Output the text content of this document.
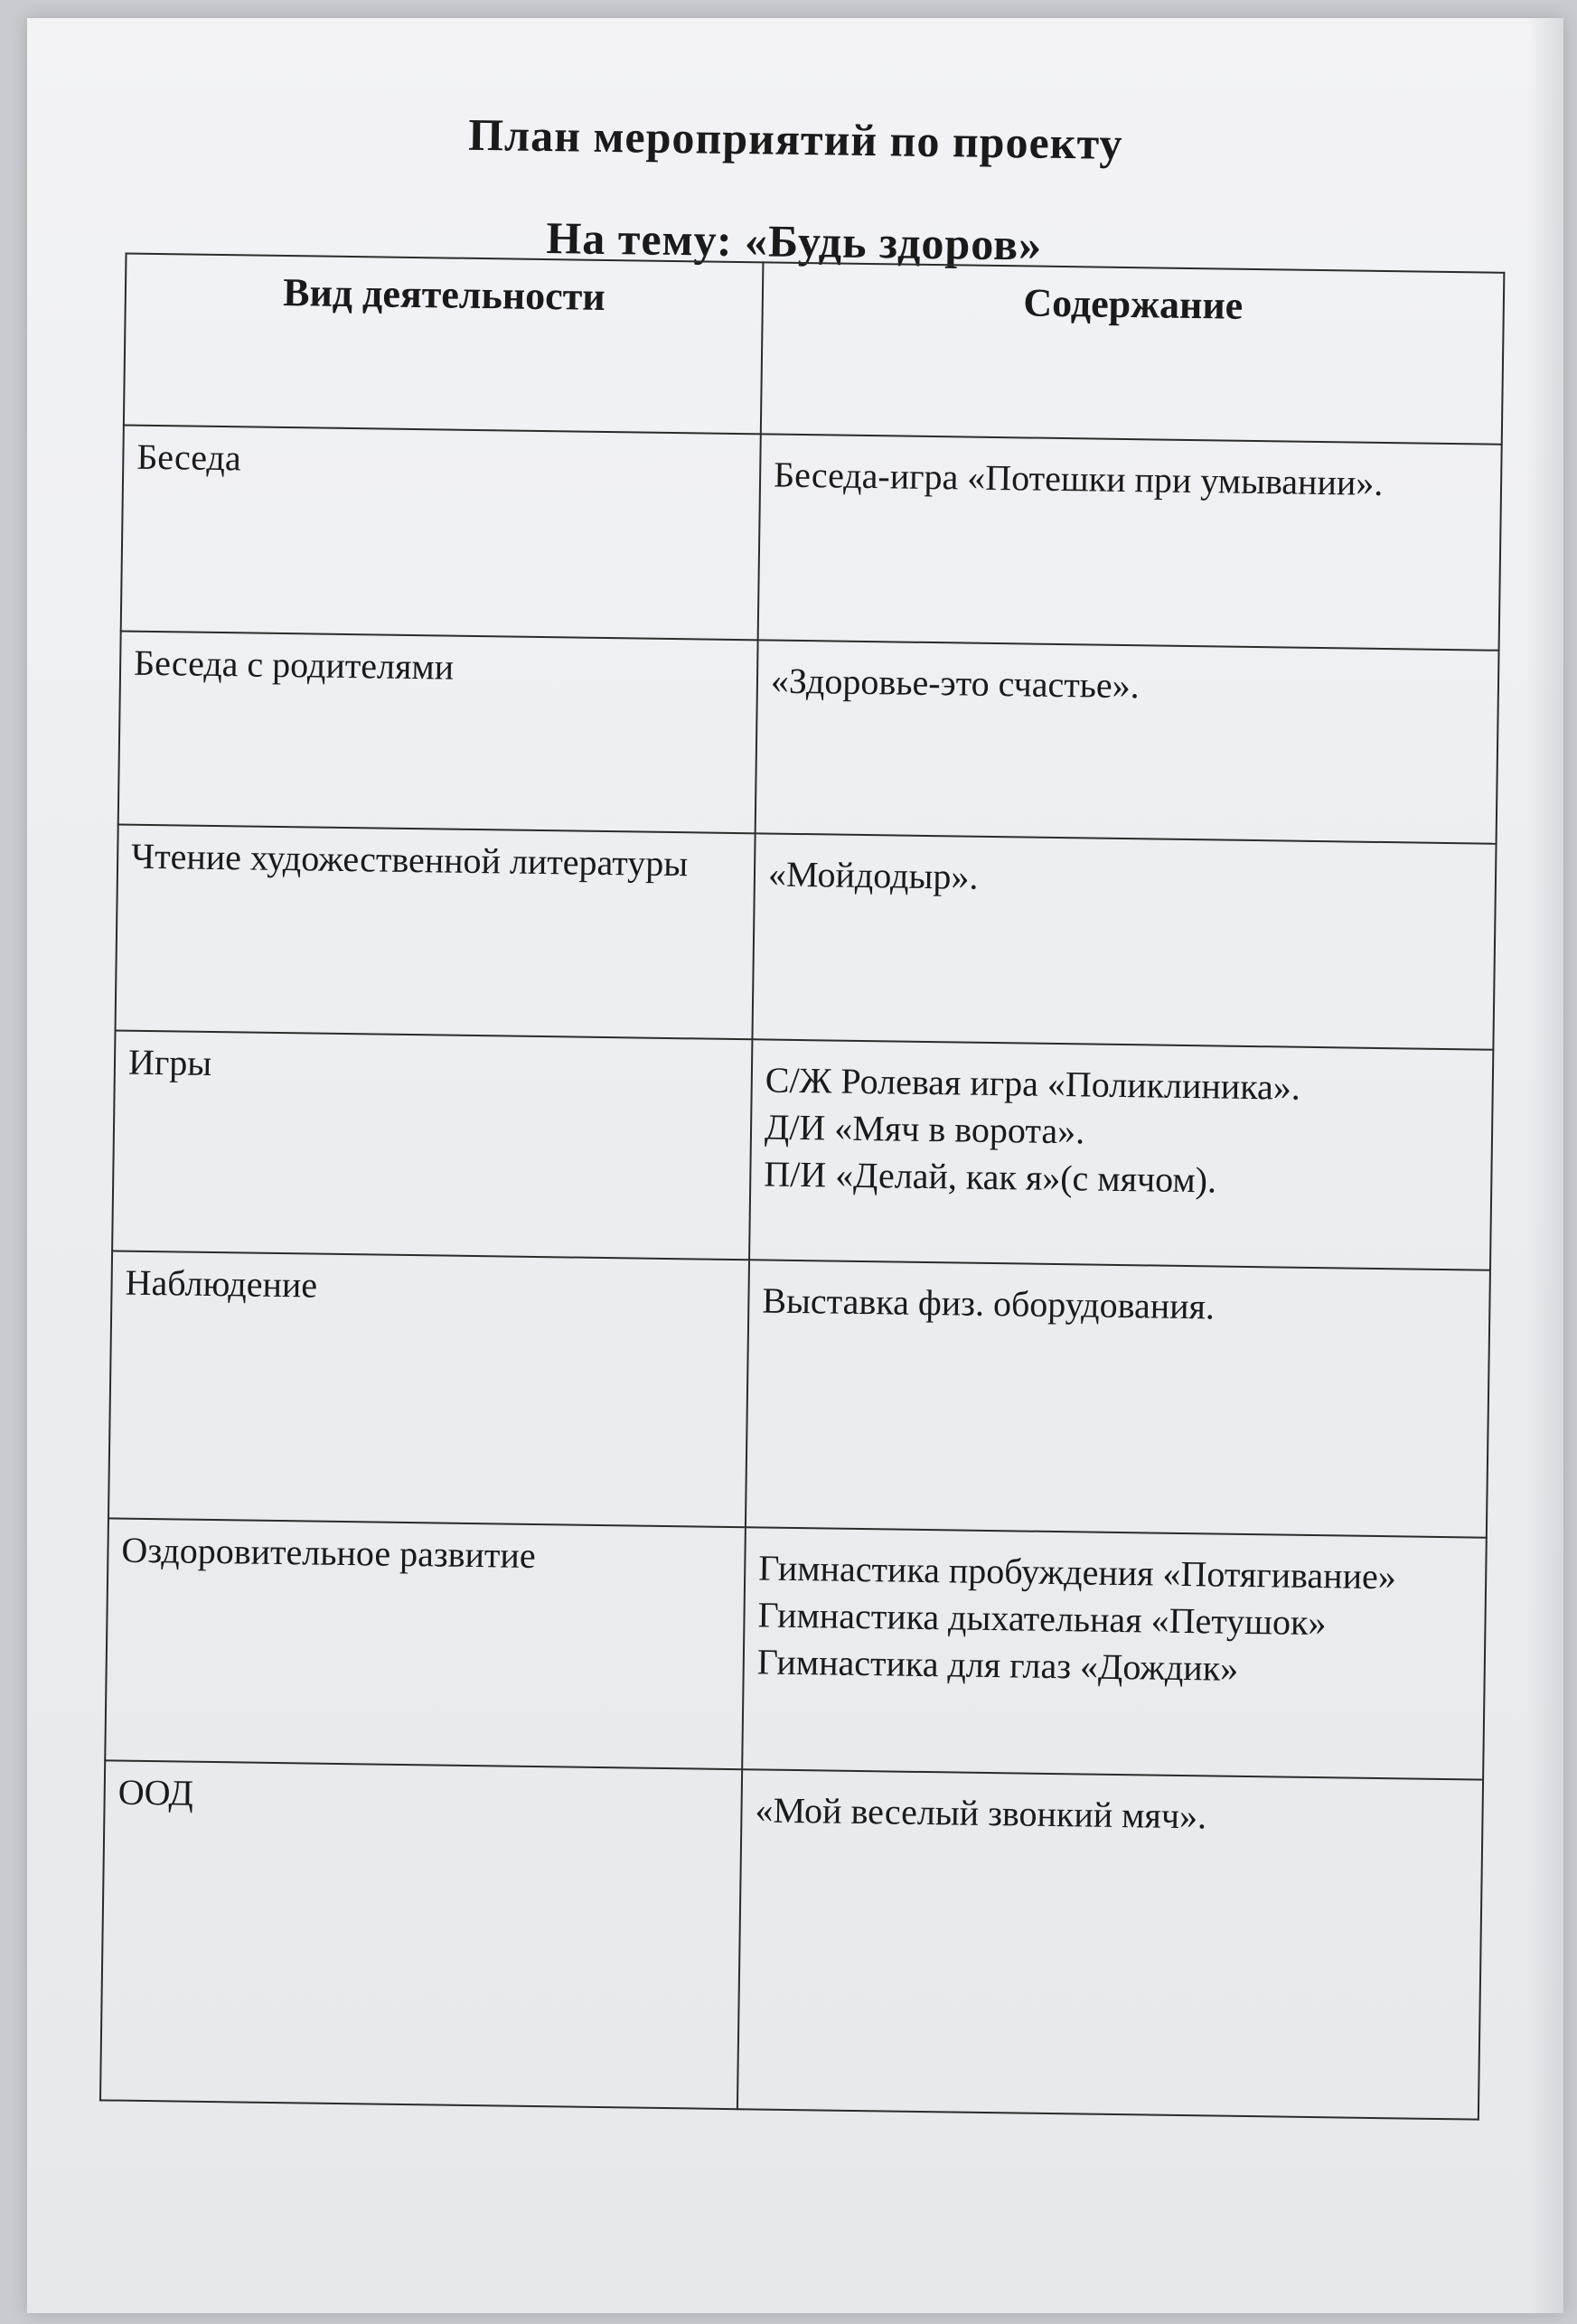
План мероприятий по проекту
На тему: «Будь здоров»
Вид деятельности	Содержание
Беседа	Беседа-игра «Потешки при умывании».

Беседа с родителями	«Здоровье-это счастье».

Чтение художественной литературы	«Мойдодыр».

Игры	С/Ж Ролевая игра «Поликлиника».
Д/И «Мяч в ворота».
П/И «Делай, как я»(с мячом).

Наблюдение	Выставка физ. оборудования.

Оздоровительное развитие	Гимнастика пробуждения «Потягивание»
Гимнастика дыхательная «Петушок»
Гимнастика для глаз «Дождик»

ООД	«Мой веселый звонкий мяч».
